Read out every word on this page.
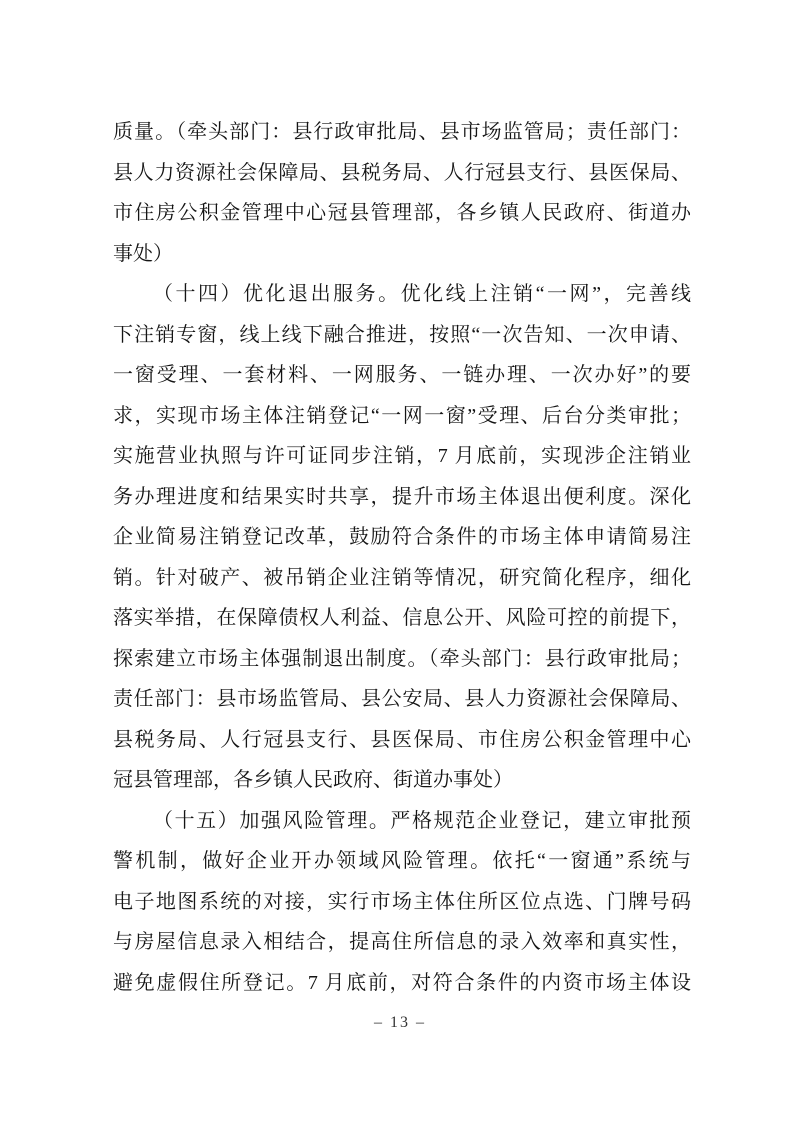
质量。（牵头部门：县行政审批局、县市场监管局；责任部门：
县人力资源社会保障局、县税务局、人行冠县支行、县医保局、
市住房公积金管理中心冠县管理部，各乡镇人民政府、街道办
事处）
（十四）优化退出服务。优化线上注销“一网”，完善线
下注销专窗，线上线下融合推进，按照“一次告知、一次申请、
一窗受理、一套材料、一网服务、一链办理、一次办好”的要
求，实现市场主体注销登记“一网一窗”受理、后台分类审批；
实施营业执照与许可证同步注销，7 月底前，实现涉企注销业
务办理进度和结果实时共享，提升市场主体退出便利度。深化
企业简易注销登记改革，鼓励符合条件的市场主体申请简易注
销。针对破产、被吊销企业注销等情况，研究简化程序，细化
落实举措，在保障债权人利益、信息公开、风险可控的前提下，
探索建立市场主体强制退出制度。（牵头部门：县行政审批局；
责任部门：县市场监管局、县公安局、县人力资源社会保障局、
县税务局、人行冠县支行、县医保局、市住房公积金管理中心
冠县管理部，各乡镇人民政府、街道办事处）
（十五）加强风险管理。严格规范企业登记，建立审批预
警机制，做好企业开办领域风险管理。依托“一窗通”系统与
电子地图系统的对接，实行市场主体住所区位点选、门牌号码
与房屋信息录入相结合，提高住所信息的录入效率和真实性，
避免虚假住所登记。7 月底前，对符合条件的内资市场主体设
– 13 –
